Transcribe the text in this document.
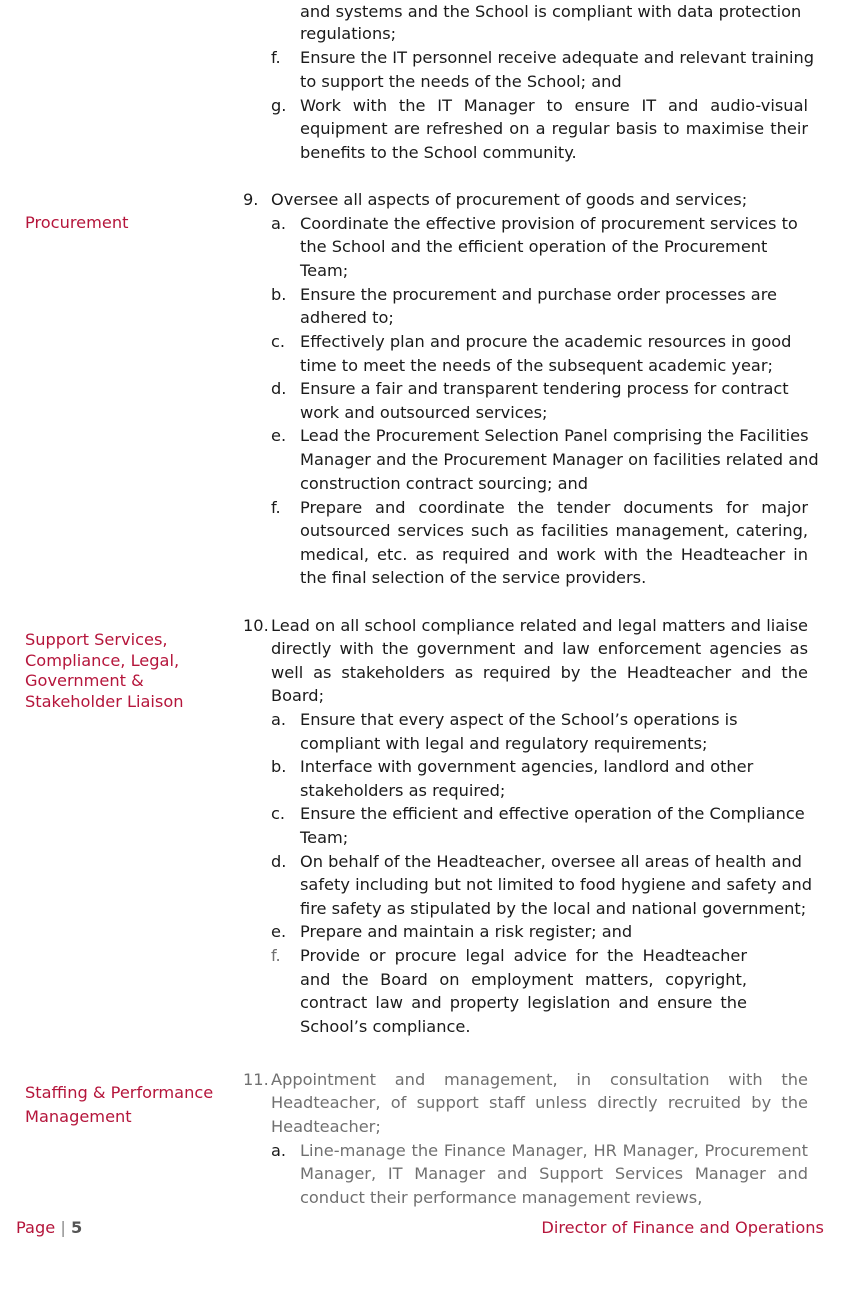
Procurement
Support Services,
Compliance, Legal,
Government &
Stakeholder Liaison
Staffing & Performance
Management
and systems and the School is compliant with data protection
regulations;
f. Ensure the IT personnel receive adequate and relevant training
to support the needs of the School; and
g. Work with the IT Manager to ensure IT and audio-visual
equipment are refreshed on a regular basis to maximise their
benefits to the School community.
9. Oversee all aspects of procurement of goods and services;
a. Coordinate the effective provision of procurement services to
the School and the efficient operation of the Procurement
Team;
b. Ensure the procurement and purchase order processes are
adhered to;
c. Effectively plan and procure the academic resources in good
time to meet the needs of the subsequent academic year;
d. Ensure a fair and transparent tendering process for contract
work and outsourced services;
e. Lead the Procurement Selection Panel comprising the Facilities
Manager and the Procurement Manager on facilities related and
construction contract sourcing; and
f. Prepare and coordinate the tender documents for major
outsourced services such as facilities management, catering,
medical, etc. as required and work with the Headteacher in
the final selection of the service providers.
10. Lead on all school compliance related and legal matters and liaise
directly with the government and law enforcement agencies as
well as stakeholders as required by the Headteacher and the
Board;
a. Ensure that every aspect of the School’s operations is
compliant with legal and regulatory requirements;
b. Interface with government agencies, landlord and other
stakeholders as required;
c. Ensure the efficient and effective operation of the Compliance
Team;
d. On behalf of the Headteacher, oversee all areas of health and
safety including but not limited to food hygiene and safety and
fire safety as stipulated by the local and national government;
e. Prepare and maintain a risk register; and
f. Provide or procure legal advice for the Headteacher
and the Board on employment matters, copyright,
contract law and property legislation and ensure the
School’s compliance.
11. Appointment and management, in consultation with the
Headteacher, of support staff unless directly recruited by the
Headteacher;
a. Line-manage the Finance Manager, HR Manager, Procurement
Manager, IT Manager and Support Services Manager and
conduct their performance management reviews,
Page | 5	Director of Finance and Operations
